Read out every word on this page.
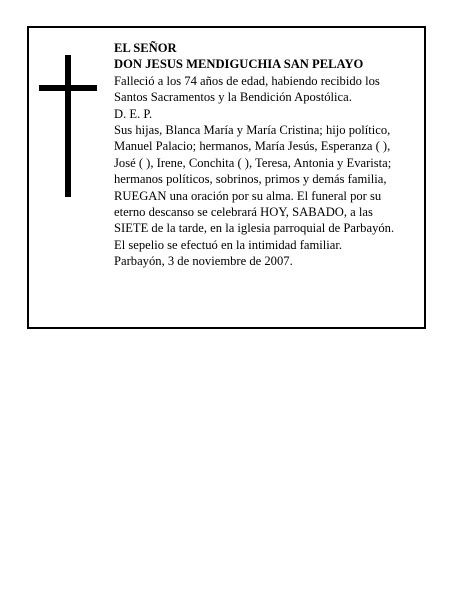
EL SEÑOR
DON JESUS MENDIGUCHIA SAN PELAYO
Falleció a los 74 años de edad, habiendo recibido los
Santos Sacramentos y la Bendición Apostólica.
D. E. P.
Sus hijas, Blanca María y María Cristina; hijo político,
Manuel Palacio; hermanos, María Jesús, Esperanza ( ),
José ( ), Irene, Conchita ( ), Teresa, Antonia y Evarista;
hermanos políticos, sobrinos, primos y demás familia,
RUEGAN una oración por su alma. El funeral por su
eterno descanso se celebrará HOY, SABADO, a las
SIETE de la tarde, en la iglesia parroquial de Parbayón.
El sepelio se efectuó en la intimidad familiar.
Parbayón, 3 de noviembre de 2007.
